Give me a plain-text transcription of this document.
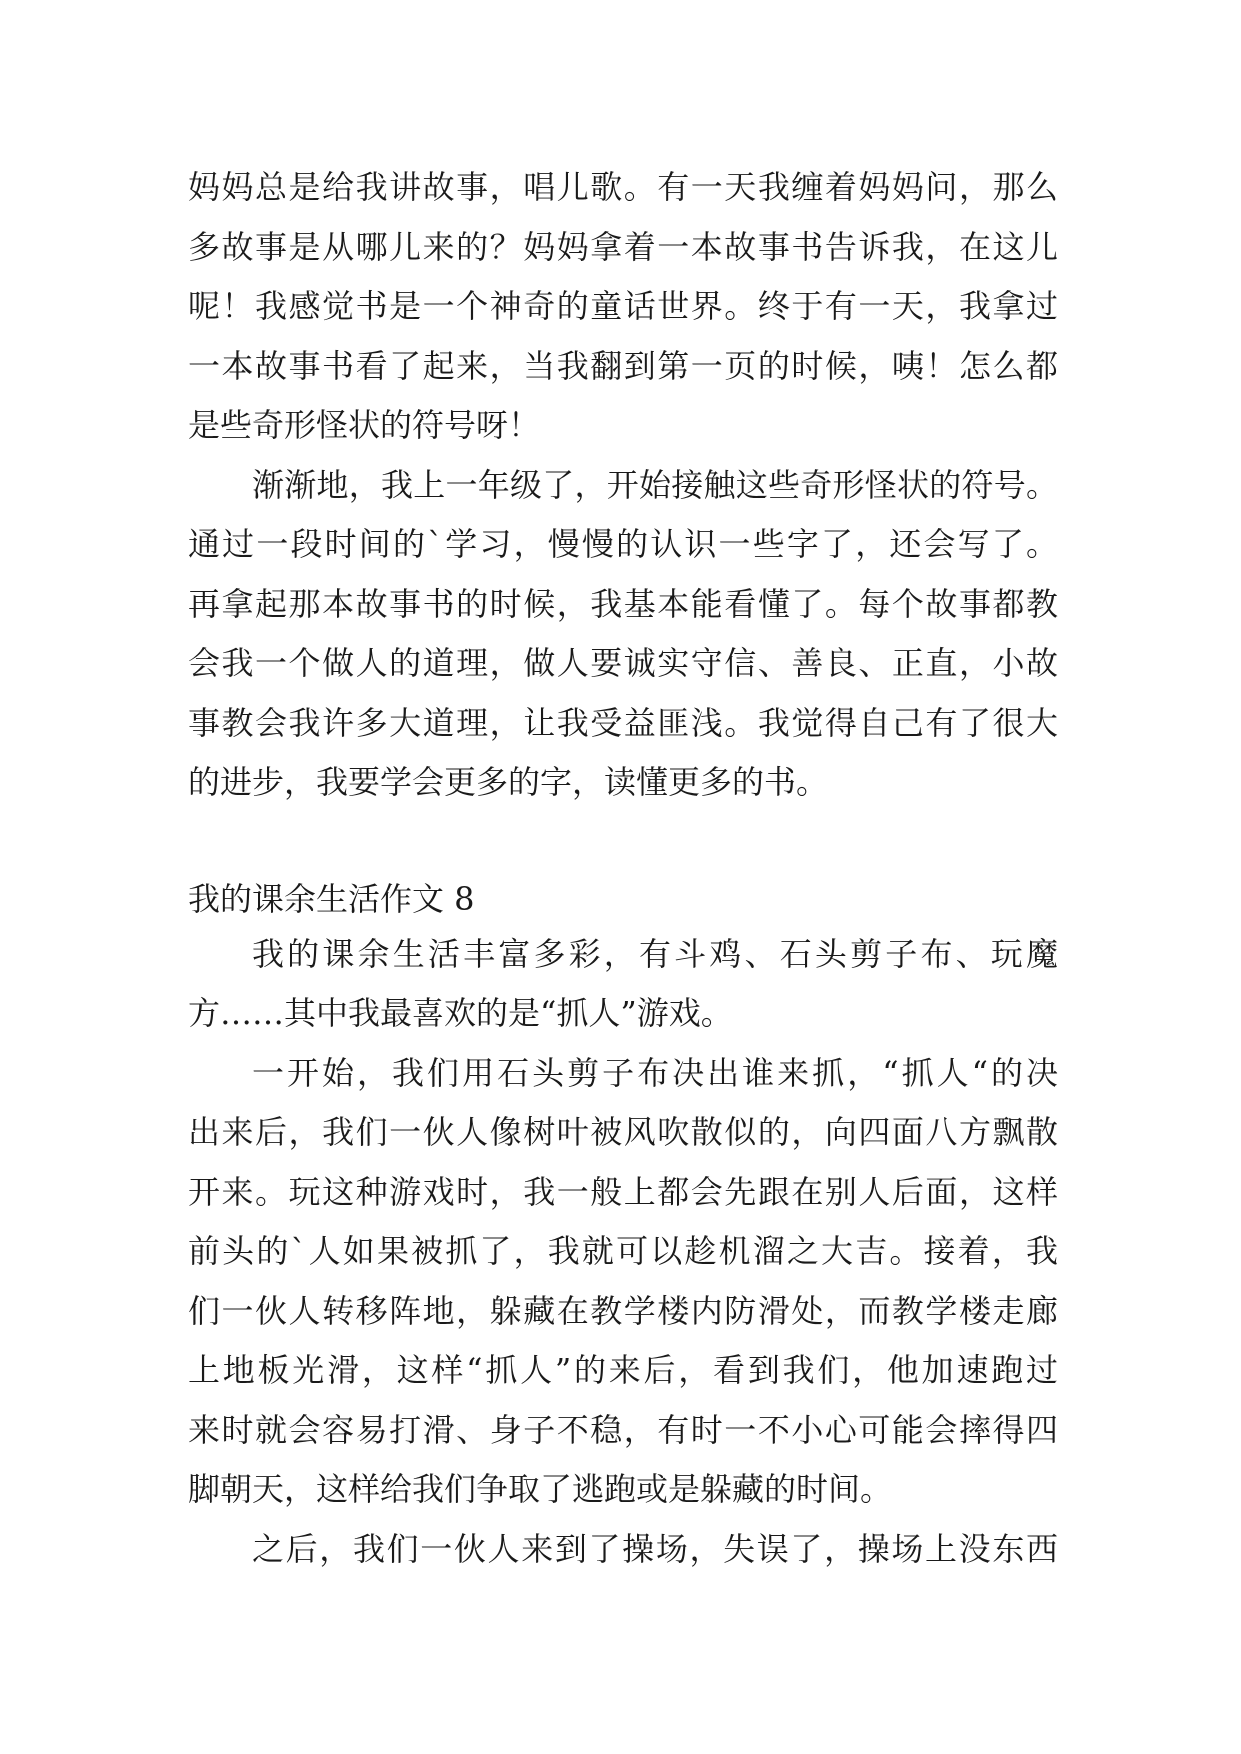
妈妈总是给我讲故事，唱儿歌。有一天我缠着妈妈问，那么
多故事是从哪儿来的？妈妈拿着一本故事书告诉我，在这儿
呢！我感觉书是一个神奇的童话世界。终于有一天，我拿过
一本故事书看了起来，当我翻到第一页的时候，咦！怎么都
是些奇形怪状的符号呀！
渐渐地，我上一年级了，开始接触这些奇形怪状的符号。
通过一段时间的`学习，慢慢的认识一些字了，还会写了。
再拿起那本故事书的时候，我基本能看懂了。每个故事都教
会我一个做人的道理，做人要诚实守信、善良、正直，小故
事教会我许多大道理，让我受益匪浅。我觉得自己有了很大
的进步，我要学会更多的字，读懂更多的书。
我的课余生活作文 8
我的课余生活丰富多彩，有斗鸡、石头剪子布、玩魔
方……其中我最喜欢的是“抓人”游戏。
一开始，我们用石头剪子布决出谁来抓，“抓人“的决
出来后，我们一伙人像树叶被风吹散似的，向四面八方飘散
开来。玩这种游戏时，我一般上都会先跟在别人后面，这样
前头的`人如果被抓了，我就可以趁机溜之大吉。接着，我
们一伙人转移阵地，躲藏在教学楼内防滑处，而教学楼走廊
上地板光滑，这样“抓人”的来后，看到我们，他加速跑过
来时就会容易打滑、身子不稳，有时一不小心可能会摔得四
脚朝天，这样给我们争取了逃跑或是躲藏的时间。
之后，我们一伙人来到了操场，失误了，操场上没东西
